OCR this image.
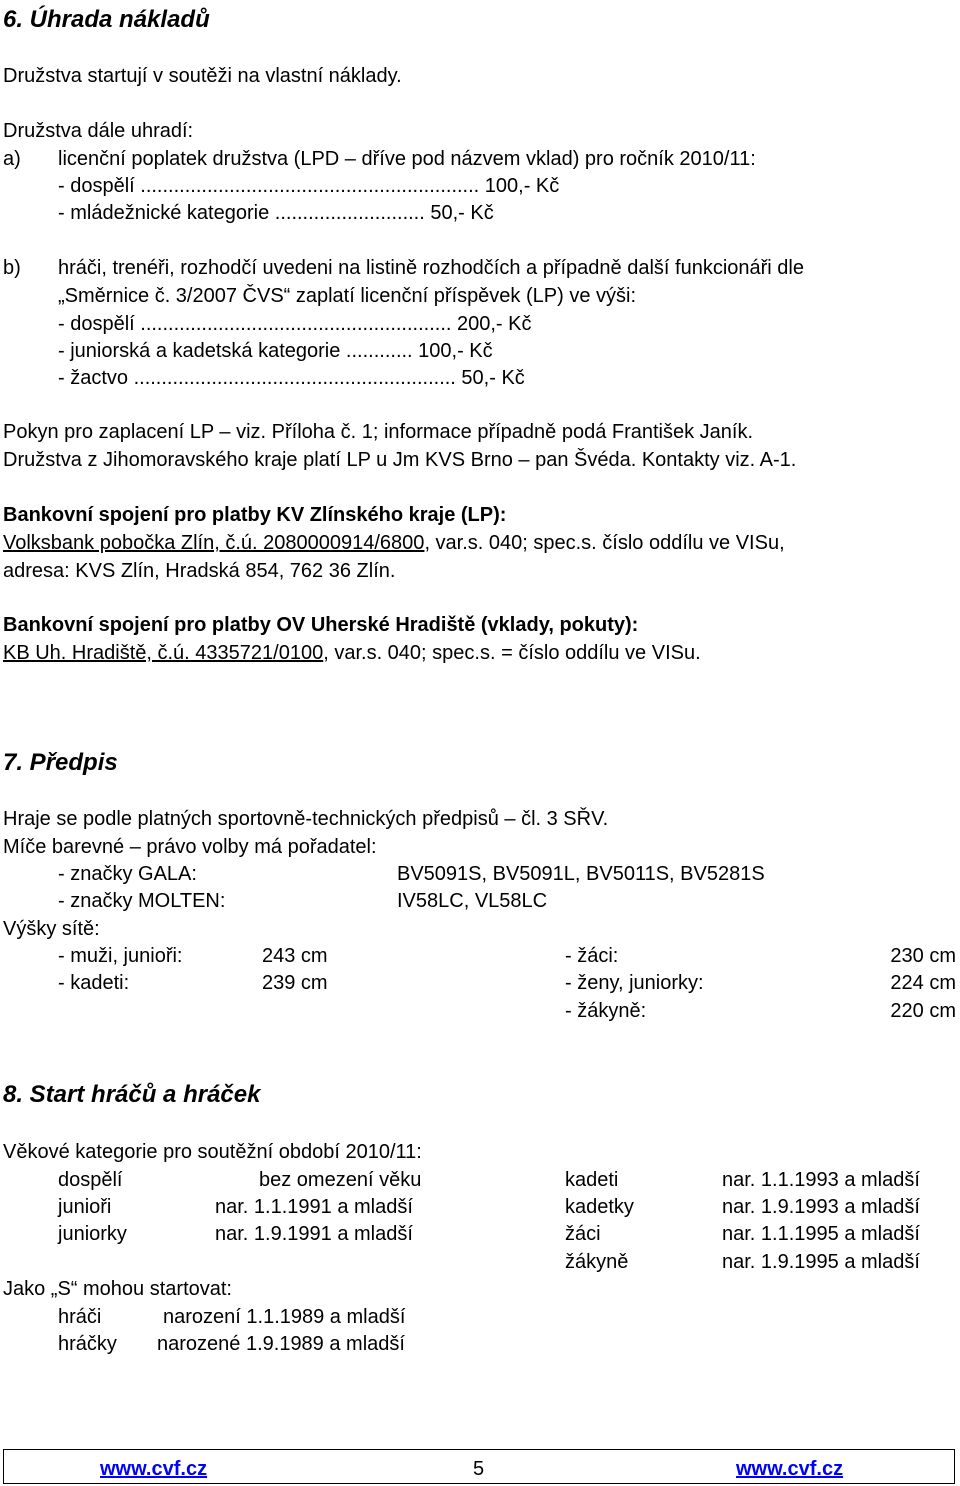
6. Úhrada nákladů
Družstva startují v soutěži na vlastní náklady.
Družstva dále uhradí:
a) licenční poplatek družstva (LPD – dříve pod názvem vklad) pro ročník 2010/11:
- dospělí ............................................................. 100,- Kč
- mládežnické kategorie ........................... 50,- Kč
b) hráči, trenéři, rozhodčí uvedeni na listině rozhodčích a případně další funkcionáři dle
„Směrnice č. 3/2007 ČVS“ zaplatí licenční příspěvek (LP) ve výši:
- dospělí ........................................................ 200,- Kč
- juniorská a kadetská kategorie ............ 100,- Kč
- žactvo .......................................................... 50,- Kč
Pokyn pro zaplacení LP – viz. Příloha č. 1; informace případně podá František Janík.
Družstva z Jihomoravského kraje platí LP u Jm KVS Brno – pan Švéda. Kontakty viz. A-1.
Bankovní spojení pro platby KV Zlínského kraje (LP):
Volksbank pobočka Zlín, č.ú. 2080000914/6800, var.s. 040; spec.s. číslo oddílu ve VISu,
adresa: KVS Zlín, Hradská 854, 762 36 Zlín.
Bankovní spojení pro platby OV Uherské Hradiště (vklady, pokuty):
KB Uh. Hradiště, č.ú. 4335721/0100, var.s. 040; spec.s. = číslo oddílu ve VISu.
7. Předpis
Hraje se podle platných sportovně-technických předpisů – čl. 3 SŘV.
Míče barevné – právo volby má pořadatel:
- značky GALA:	BV5091S, BV5091L, BV5011S, BV5281S
- značky MOLTEN:	IV58LC, VL58LC
Výšky sítě:
- muži, junioři:	243 cm
- kadeti:	239 cm
- žáci:	230 cm
- ženy, juniorky:	224 cm
- žákyně:	220 cm
8. Start hráčů a hráček
Věkové kategorie pro soutěžní období 2010/11:
dospělí	bez omezení věku
junioři	nar. 1.1.1991 a mladší
juniorky	nar. 1.9.1991 a mladší
kadeti	nar. 1.1.1993 a mladší
kadetky	nar. 1.9.1993 a mladší
žáci	nar. 1.1.1995 a mladší
žákyně	nar. 1.9.1995 a mladší
Jako „S“ mohou startovat:
hráči	narození 1.1.1989 a mladší
hráčky narozené 1.9.1989 a mladší
www.cvf.cz	5	www.cvf.cz
